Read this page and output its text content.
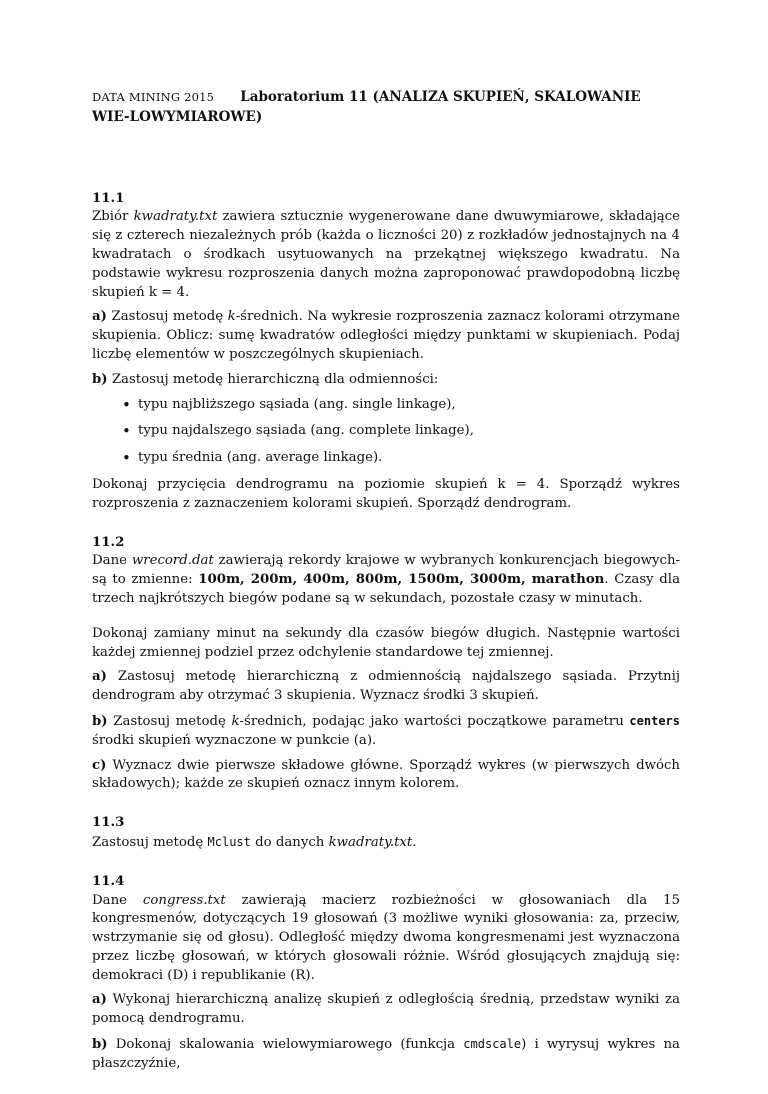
DATA MINING 2015 Laboratorium 11 (ANALIZA SKUPIEŃ, SKALOWANIE WIE-LOWYMIAROWE)
11.1

Zbiór kwadraty.txt zawiera sztucznie wygenerowane dane dwuwymiarowe, składające się z czterech niezależnych prób (każda o liczności 20) z rozkładów jednostajnych na 4 kwadratach o środkach usytuowanych na przekątnej większego kwadratu. Na podstawie wykresu rozproszenia danych można zaproponować prawdopodobną liczbę skupień k = 4.

a) Zastosuj metodę k-średnich. Na wykresie rozproszenia zaznacz kolorami otrzymane skupienia. Oblicz: sumę kwadratów odległości między punktami w skupieniach. Podaj liczbę elementów w poszczególnych skupieniach.

b) Zastosuj metodę hierarchiczną dla odmienności:

• typu najbliższego sąsiada (ang. single linkage),
• typu najdalszego sąsiada (ang. complete linkage),
• typu średnia (ang. average linkage).

Dokonaj przycięcia dendrogramu na poziomie skupień k = 4. Sporządź wykres rozproszenia z zaznaczeniem kolorami skupień. Sporządź dendrogram.

11.2

Dane wrecord.dat zawierają rekordy krajowe w wybranych konkurencjach biegowych- są to zmienne: 100m, 200m, 400m, 800m, 1500m, 3000m, marathon. Czasy dla trzech najkrótszych biegów podane są w sekundach, pozostałe czasy w minutach.

Dokonaj zamiany minut na sekundy dla czasów biegów długich. Następnie wartości każdej zmiennej podziel przez odchylenie standardowe tej zmiennej.

a) Zastosuj metodę hierarchiczną z odmiennością najdalszego sąsiada. Przytnij dendrogram aby otrzymać 3 skupienia. Wyznacz środki 3 skupień.

b) Zastosuj metodę k-średnich, podając jako wartości początkowe parametru centers środki skupień wyznaczone w punkcie (a).

c) Wyznacz dwie pierwsze składowe główne. Sporządź wykres (w pierwszych dwóch składowych); każde ze skupień oznacz innym kolorem.

11.3

Zastosuj metodę Mclust do danych kwadraty.txt.

11.4

Dane congress.txt zawierają macierz rozbieżności w głosowaniach dla 15 kongresmenów, dotyczących 19 głosowań (3 możliwe wyniki głosowania: za, przeciw, wstrzymanie się od głosu). Odległość między dwoma kongresmenami jest wyznaczona przez liczbę głosowań, w których głosowali różnie. Wśród głosujących znajdują się: demokraci (D) i republikanie (R).

a) Wykonaj hierarchiczną analizę skupień z odległością średnią, przedstaw wyniki za pomocą dendrogramu.

b) Dokonaj skalowania wielowymiarowego (funkcja cmdscale) i wyrysuj wykres na płaszczyźnie,
